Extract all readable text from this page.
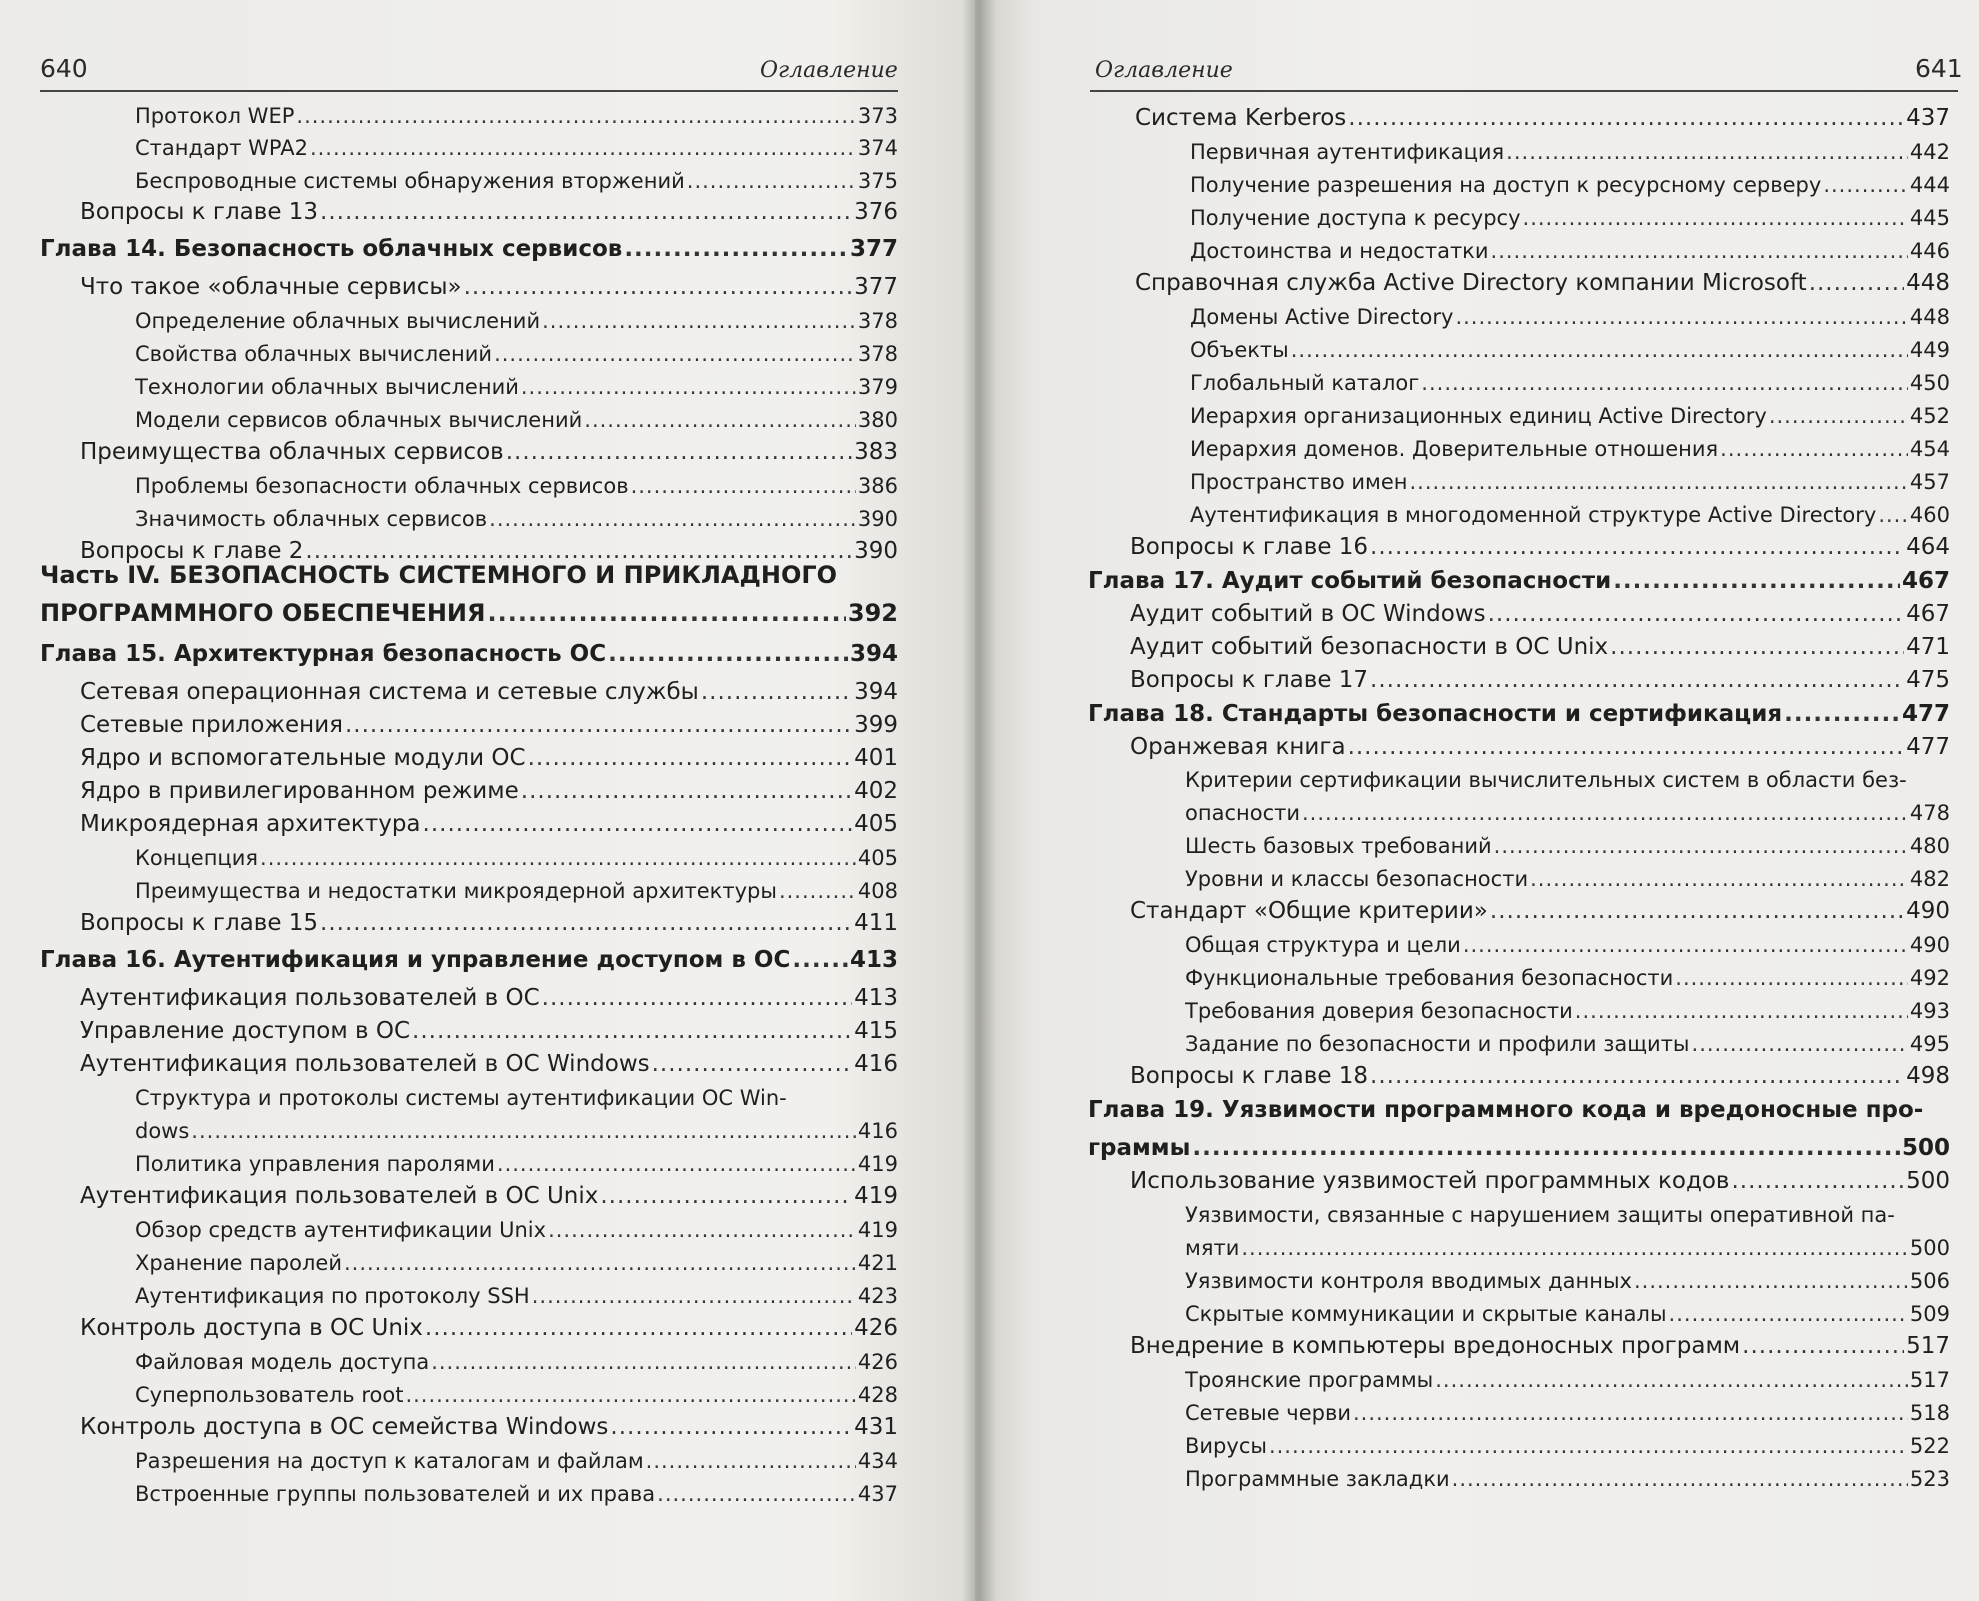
640	Оглавление	Оглавление	641
Протокол WEP .....	373
Стандарт WPA2 .....	374
Беспроводные системы обнаружения вторжений .....	375
Вопросы к главе 13 .....	376
Глава 14. Безопасность облачных сервисов .....	377
Что такое «облачные сервисы» .....	377
Определение облачных вычислений .....	378
Свойства облачных вычислений .....	378
Технологии облачных вычислений .....	379
Модели сервисов облачных вычислений .....	380
Преимущества облачных сервисов .....	383
Проблемы безопасности облачных сервисов .....	386
Значимость облачных сервисов .....	390
Вопросы к главе 2 .....	390
Часть IV. БЕЗОПАСНОСТЬ СИСТЕМНОГО И ПРИКЛАДНОГО
ПРОГРАММНОГО ОБЕСПЕЧЕНИЯ .....	392
Глава 15. Архитектурная безопасность ОС .....	394
Сетевая операционная система и сетевые службы .....	394
Сетевые приложения .....	399
Ядро и вспомогательные модули ОС .....	401
Ядро в привилегированном режиме .....	402
Микроядерная архитектура .....	405
Концепция .....	405
Преимущества и недостатки микроядерной архитектуры .....	408
Вопросы к главе 15 .....	411
Глава 16. Аутентификация и управление доступом в ОС .....	413
Аутентификация пользователей в ОС .....	413
Управление доступом в ОС .....	415
Аутентификация пользователей в ОС Windows .....	416
Структура и протоколы системы аутентификации ОС Win-
dows .....	416
Политика управления паролями .....	419
Аутентификация пользователей в ОС Unix .....	419
Обзор средств аутентификации Unix .....	419
Хранение паролей .....	421
Аутентификация по протоколу SSH .....	423
Контроль доступа в ОС Unix .....	426
Файловая модель доступа .....	426
Суперпользователь root .....	428
Контроль доступа в ОС семейства Windows .....	431
Разрешения на доступ к каталогам и файлам .....	434
Встроенные группы пользователей и их права .....	437
Система Kerberos .....	437
Первичная аутентификация .....	442
Получение разрешения на доступ к ресурсному серверу .....	444
Получение доступа к ресурсу .....	445
Достоинства и недостатки .....	446
Справочная служба Active Directory компании Microsoft .....	448
Домены Active Directory .....	448
Объекты .....	449
Глобальный каталог .....	450
Иерархия организационных единиц Active Directory .....	452
Иерархия доменов. Доверительные отношения .....	454
Пространство имен .....	457
Аутентификация в многодоменной структуре Active Directory ..... 460
Вопросы к главе 16 .....	464
Глава 17. Аудит событий безопасности .....	467
Аудит событий в ОС Windows .....	467
Аудит событий безопасности в ОС Unix .....	471
Вопросы к главе 17 .....	475
Глава 18. Стандарты безопасности и сертификация .....	477
Оранжевая книга .....	477
Критерии сертификации вычислительных систем в области без-
опасности .....	478
Шесть базовых требований .....	480
Уровни и классы безопасности .....	482
Стандарт «Общие критерии» .....	490
Общая структура и цели .....	490
Функциональные требования безопасности .....	492
Требования доверия безопасности .....	493
Задание по безопасности и профили защиты .....	495
Вопросы к главе 18 .....	498
Глава 19. Уязвимости программного кода и вредоносные про-
граммы .....	500
Использование уязвимостей программных кодов .....	500
Уязвимости, связанные с нарушением защиты оперативной па-
мяти .....	500
Уязвимости контроля вводимых данных .....	506
Скрытые коммуникации и скрытые каналы .....	509
Внедрение в компьютеры вредоносных программ .....	517
Троянские программы .....	517
Сетевые черви .....	518
Вирусы .....	522
Программные закладки .....	523
